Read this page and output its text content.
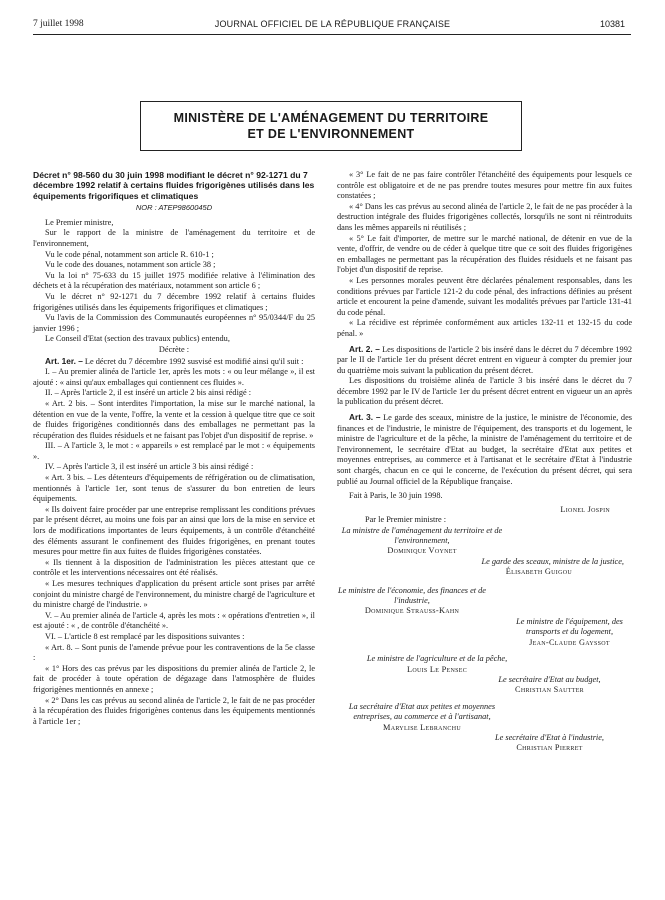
7 juillet 1998	JOURNAL OFFICIEL DE LA RÉPUBLIQUE FRANÇAISE	10381
MINISTÈRE DE L'AMÉNAGEMENT DU TERRITOIRE
ET DE L'ENVIRONNEMENT
Décret n° 98-560 du 30 juin 1998 modifiant le décret n° 92-1271 du 7 décembre 1992 relatif à certains fluides frigorigènes utilisés dans les équipements frigorifiques et climatiques
NOR : ATEP9860045D

Le Premier ministre,

Sur le rapport de la ministre de l'aménagement du territoire et de l'environnement,

Vu le code pénal, notamment son article R. 610-1 ;

Vu le code des douanes, notamment son article 38 ;

Vu la loi n° 75-633 du 15 juillet 1975 modifiée relative à l'élimination des déchets et à la récupération des matériaux, notamment son article 6 ;

Vu le décret n° 92-1271 du 7 décembre 1992 relatif à certains fluides frigorigènes utilisés dans les équipements frigorifiques et climatiques ;

Vu l'avis de la Commission des Communautés européennes n° 95/0344/F du 25 janvier 1996 ;

Le Conseil d'Etat (section des travaux publics) entendu,

Décrète :

Art. 1er. – Le décret du 7 décembre 1992 susvisé est modifié ainsi qu'il suit :

I. – Au premier alinéa de l'article 1er, après les mots : « ou leur mélange », il est ajouté : « ainsi qu'aux emballages qui contiennent ces fluides ».

II. – Après l'article 2, il est inséré un article 2 bis ainsi rédigé :

« Art. 2 bis. – Sont interdites l'importation, la mise sur le marché national, la détention en vue de la vente, l'offre, la vente et la cession à quelque titre que ce soit de fluides frigorigènes conditionnés dans des emballages ne permettant pas la récupération des fluides résiduels et ne faisant pas l'objet d'un dispositif de reprise. »

III. – A l'article 3, le mot : « appareils » est remplacé par le mot : « équipements ».

IV. – Après l'article 3, il est inséré un article 3 bis ainsi rédigé :

« Art. 3 bis. – Les détenteurs d'équipements de réfrigération ou de climatisation, mentionnés à l'article 1er, sont tenus de s'assurer du bon entretien de leurs équipements.

« Ils doivent faire procéder par une entreprise remplissant les conditions prévues par le présent décret, au moins une fois par an ainsi que lors de la mise en service et lors de modifications importantes de leurs équipements, à un contrôle d'étanchéité des éléments assurant le confinement des fluides frigorigènes, en prenant toutes mesures pour mettre fin aux fuites de fluides frigorigènes constatées.

« Ils tiennent à la disposition de l'administration les pièces attestant que ce contrôle et les interventions nécessaires ont été réalisés.

« Les mesures techniques d'application du présent article sont prises par arrêté conjoint du ministre chargé de l'environnement, du ministre chargé de l'agriculture et du ministre chargé de l'industrie. »

V. – Au premier alinéa de l'article 4, après les mots : « opérations d'entretien », il est ajouté : « , de contrôle d'étanchéité ».

VI. – L'article 8 est remplacé par les dispositions suivantes :

« Art. 8. – Sont punis de l'amende prévue pour les contraventions de la 5e classe :

« 1° Hors des cas prévus par les dispositions du premier alinéa de l'article 2, le fait de procéder à toute opération de dégazage dans l'atmosphère de fluides frigorigènes mentionnés en annexe ;

« 2° Dans les cas prévus au second alinéa de l'article 2, le fait de ne pas procéder à la récupération des fluides frigorigènes contenus dans les équipements mentionnés à l'article 1er ;

« 3° Le fait de ne pas faire contrôler l'étanchéité des équipements pour lesquels ce contrôle est obligatoire et de ne pas prendre toutes mesures pour mettre fin aux fuites constatées ;

« 4° Dans les cas prévus au second alinéa de l'article 2, le fait de ne pas procéder à la destruction intégrale des fluides frigorigènes collectés, lorsqu'ils ne sont ni réintroduits dans les mêmes appareils ni réutilisés ;

« 5° Le fait d'importer, de mettre sur le marché national, de détenir en vue de la vente, d'offrir, de vendre ou de céder à quelque titre que ce soit des fluides frigorigènes en emballages ne permettant pas la récupération des fluides résiduels et ne faisant pas l'objet d'un dispositif de reprise.

« Les personnes morales peuvent être déclarées pénalement responsables, dans les conditions prévues par l'article 121-2 du code pénal, des infractions définies au présent article et encourent la peine d'amende, suivant les modalités prévues par l'article 131-41 du code pénal.

« La récidive est réprimée conformément aux articles 132-11 et 132-15 du code pénal. »

Art. 2. – Les dispositions de l'article 2 bis inséré dans le décret du 7 décembre 1992 par le II de l'article 1er du présent décret entrent en vigueur à compter du premier jour du quatrième mois suivant la publication du présent décret.

Les dispositions du troisième alinéa de l'article 3 bis inséré dans le décret du 7 décembre 1992 par le IV de l'article 1er du présent décret entrent en vigueur un an après la publication du présent décret.

Art. 3. – Le garde des sceaux, ministre de la justice, le ministre de l'économie, des finances et de l'industrie, le ministre de l'équipement, des transports et du logement, le ministre de l'agriculture et de la pêche, la ministre de l'aménagement du territoire et de l'environnement, le secrétaire d'Etat au budget, la secrétaire d'Etat aux petites et moyennes entreprises, au commerce et à l'artisanat et le secrétaire d'Etat à l'industrie sont chargés, chacun en ce qui le concerne, de l'exécution du présent décret, qui sera publié au Journal officiel de la République française.

Fait à Paris, le 30 juin 1998.

Lionel Jospin
Par le Premier ministre :
La ministre de l'aménagement du territoire et de l'environnement,
Dominique Voynet
Le garde des sceaux, ministre de la justice,
Élisabeth Guigou
Le ministre de l'économie, des finances et de l'industrie,
Dominique Strauss-Kahn
Le ministre de l'équipement, des transports et du logement,
Jean-Claude Gayssot
Le ministre de l'agriculture et de la pêche,
Louis Le Pensec
Le secrétaire d'Etat au budget,
Christian Sautter
La secrétaire d'Etat aux petites et moyennes entreprises, au commerce et à l'artisanat,
Marylise Lebranchu
Le secrétaire d'Etat à l'industrie,
Christian Pierret
